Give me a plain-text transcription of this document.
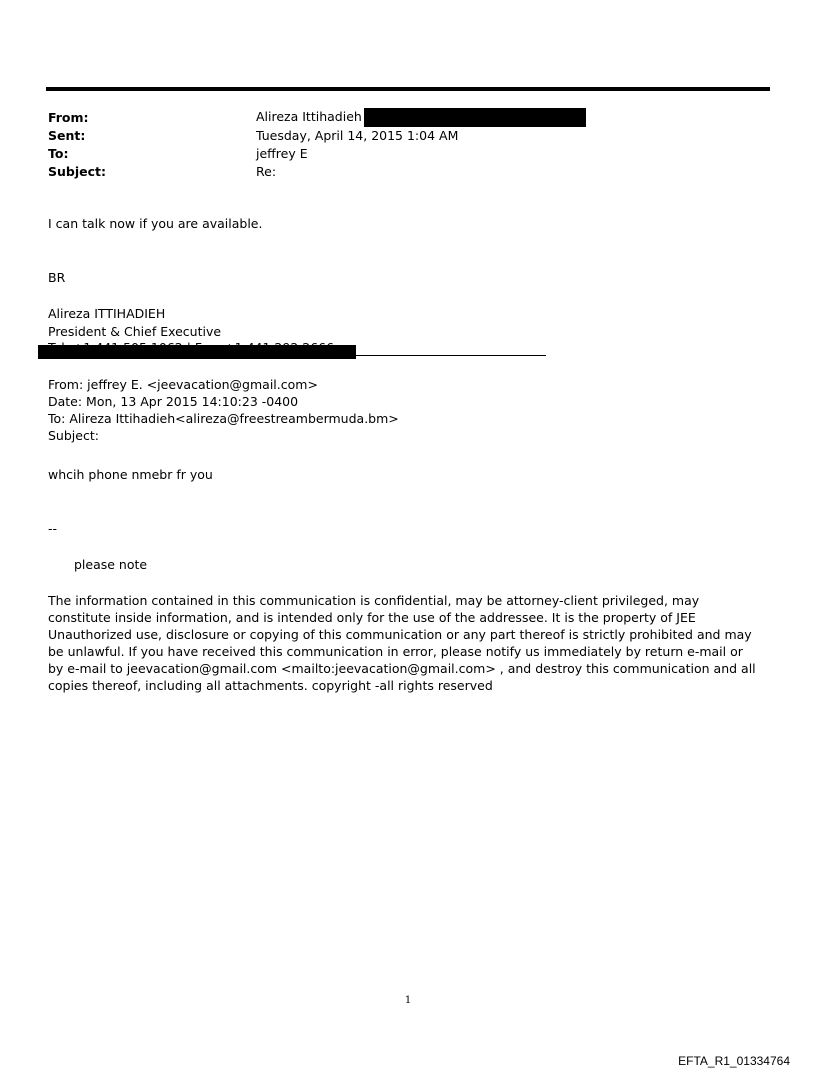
From:	Alireza Ittihadieh
Sent:	Tuesday, April 14, 2015 1:04 AM
To:	jeffrey E
Subject:	Re:
I can talk now if you are available.
BR
Alireza ITTIHADIEH
President & Chief Executive
From: jeffrey E. <jeevacation@gmail.com>
Date: Mon, 13 Apr 2015 14:10:23 -0400
To: Alireza Ittihadieh<alireza@freestreambermuda.bm>
Subject:
whcih phone nmebr fr you
--
please note
The information contained in this communication is confidential, may be attorney-client privileged, may constitute inside information, and is intended only for the use of the addressee. It is the property of JEE Unauthorized use, disclosure or copying of this communication or any part thereof is strictly prohibited and may be unlawful. If you have received this communication in error, please notify us immediately by return e-mail or by e-mail to jeevacation@gmail.com <mailto:jeevacation@gmail.com> , and destroy this communication and all copies thereof, including all attachments. copyright -all rights reserved
1
EFTA_R1_01334764
